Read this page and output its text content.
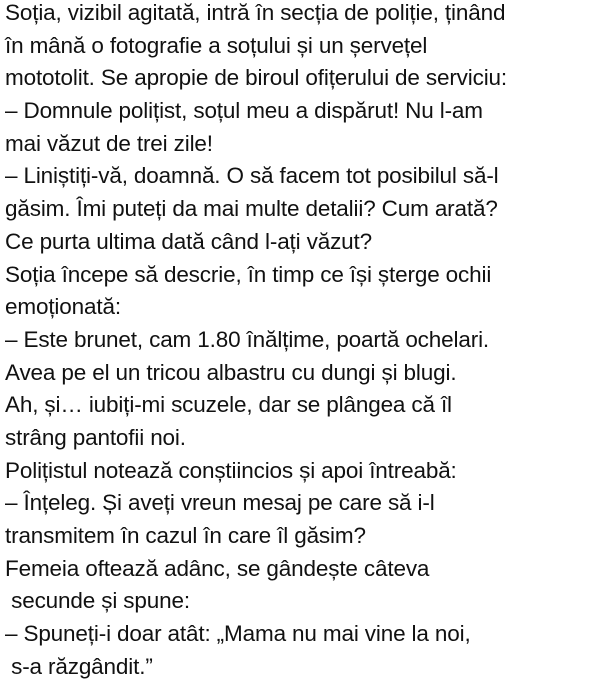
Soția, vizibil agitată, intră în secția de poliție, ținând

în mână o fotografie a soțului și un șervețel

mototolit. Se apropie de biroul ofițerului de serviciu:

– Domnule polițist, soțul meu a dispărut! Nu l-am

mai văzut de trei zile!

– Liniștiți-vă, doamnă. O să facem tot posibilul să-l

găsim. Îmi puteți da mai multe detalii? Cum arată?

Ce purta ultima dată când l-ați văzut?

Soția începe să descrie, în timp ce își șterge ochii

emoționată:

– Este brunet, cam 1.80 înălțime, poartă ochelari.

Avea pe el un tricou albastru cu dungi și blugi.

Ah, și… iubiți-mi scuzele, dar se plângea că îl

strâng pantofii noi.

Polițistul notează conștiincios și apoi întreabă:

– Înțeleg. Și aveți vreun mesaj pe care să i-l

transmitem în cazul în care îl găsim?

Femeia oftează adânc, se gândește câteva

secunde și spune:

– Spuneți-i doar atât: „Mama nu mai vine la noi,

s-a răzgândit.”
